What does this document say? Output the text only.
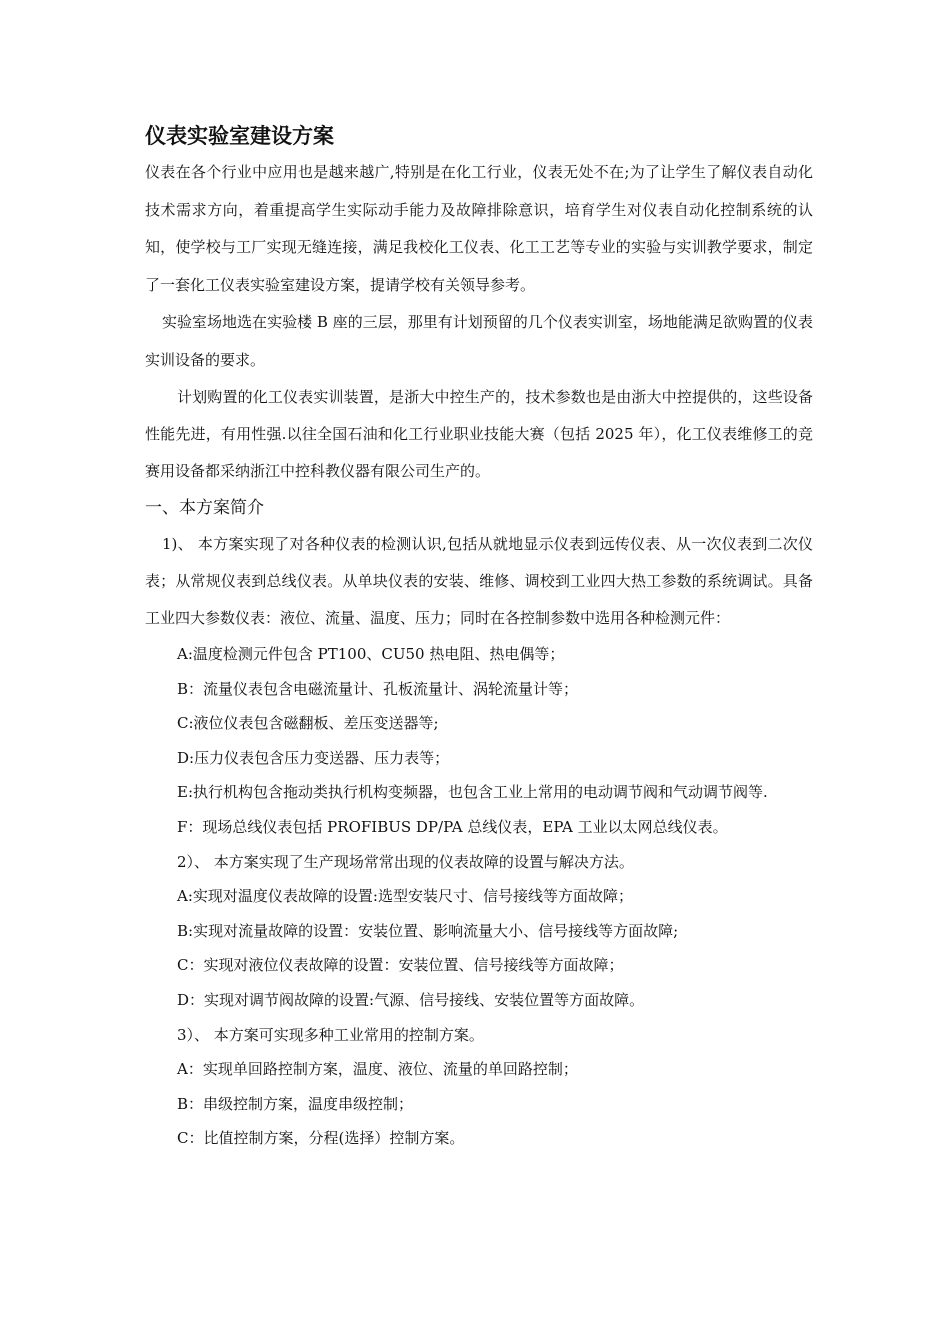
仪表实验室建设方案

仪表在各个行业中应用也是越来越广,特别是在化工行业，仪表无处不在;为了让学生了解仪表自动化技术需求方向，着重提高学生实际动手能力及故障排除意识，培育学生对仪表自动化控制系统的认知，使学校与工厂实现无缝连接，满足我校化工仪表、化工工艺等专业的实验与实训教学要求，制定了一套化工仪表实验室建设方案，提请学校有关领导参考。

实验室场地选在实验楼 B 座的三层，那里有计划预留的几个仪表实训室，场地能满足欲购置的仪表实训设备的要求。

计划购置的化工仪表实训装置，是浙大中控生产的，技术参数也是由浙大中控提供的，这些设备性能先进，有用性强.以往全国石油和化工行业职业技能大赛（包括 2025 年），化工仪表维修工的竞赛用设备都采纳浙江中控科教仪器有限公司生产的。

一、本方案简介

1)、 本方案实现了对各种仪表的检测认识,包括从就地显示仪表到远传仪表、从一次仪表到二次仪表；从常规仪表到总线仪表。从单块仪表的安装、维修、调校到工业四大热工参数的系统调试。具备工业四大参数仪表：液位、流量、温度、压力；同时在各控制参数中选用各种检测元件：

A:温度检测元件包含 PT100、CU50 热电阻、热电偶等；

B：流量仪表包含电磁流量计、孔板流量计、涡轮流量计等；

C:液位仪表包含磁翻板、差压变送器等;

D:压力仪表包含压力变送器、压力表等；

E:执行机构包含拖动类执行机构变频器，也包含工业上常用的电动调节阀和气动调节阀等.

F：现场总线仪表包括 PROFIBUS DP/PA 总线仪表，EPA 工业以太网总线仪表。

2）、 本方案实现了生产现场常常出现的仪表故障的设置与解决方法。

A:实现对温度仪表故障的设置:选型安装尺寸、信号接线等方面故障；

B:实现对流量故障的设置：安装位置、影响流量大小、信号接线等方面故障;

C：实现对液位仪表故障的设置：安装位置、信号接线等方面故障；

D：实现对调节阀故障的设置:气源、信号接线、安装位置等方面故障。

3）、 本方案可实现多种工业常用的控制方案。

A：实现单回路控制方案，温度、液位、流量的单回路控制；

B：串级控制方案，温度串级控制；

C：比值控制方案，分程(选择）控制方案。
